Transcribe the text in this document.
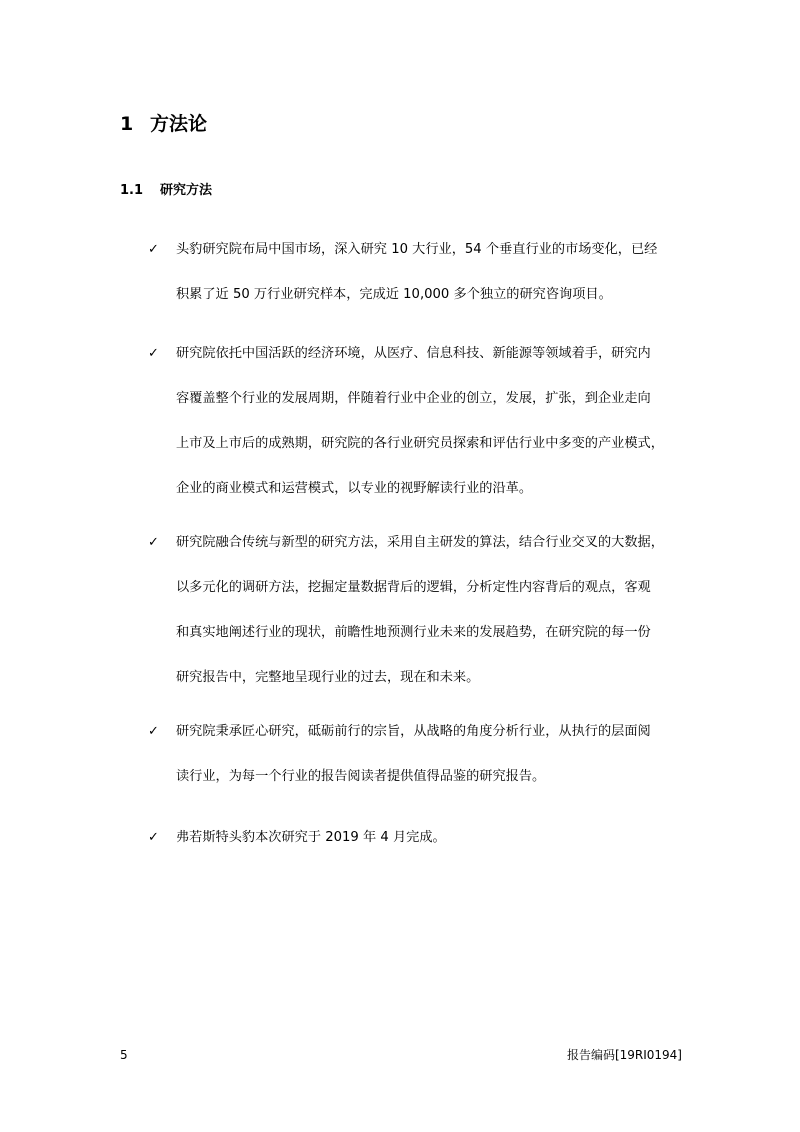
1 方法论
1.1 研究方法
✓ 头豹研究院布局中国市场，深入研究 10 大行业，54 个垂直行业的市场变化，已经
积累了近 50 万行业研究样本，完成近 10,000 多个独立的研究咨询项目。
✓ 研究院依托中国活跃的经济环境，从医疗、信息科技、新能源等领域着手，研究内
容覆盖整个行业的发展周期，伴随着行业中企业的创立，发展，扩张，到企业走向
上市及上市后的成熟期，研究院的各行业研究员探索和评估行业中多变的产业模式，
企业的商业模式和运营模式，以专业的视野解读行业的沿革。
✓ 研究院融合传统与新型的研究方法，采用自主研发的算法，结合行业交叉的大数据，
以多元化的调研方法，挖掘定量数据背后的逻辑，分析定性内容背后的观点，客观
和真实地阐述行业的现状，前瞻性地预测行业未来的发展趋势，在研究院的每一份
研究报告中，完整地呈现行业的过去，现在和未来。
✓ 研究院秉承匠心研究，砥砺前行的宗旨，从战略的角度分析行业，从执行的层面阅
读行业，为每一个行业的报告阅读者提供值得品鉴的研究报告。
✓ 弗若斯特头豹本次研究于 2019 年 4 月完成。
5	报告编码[19RI0194]
